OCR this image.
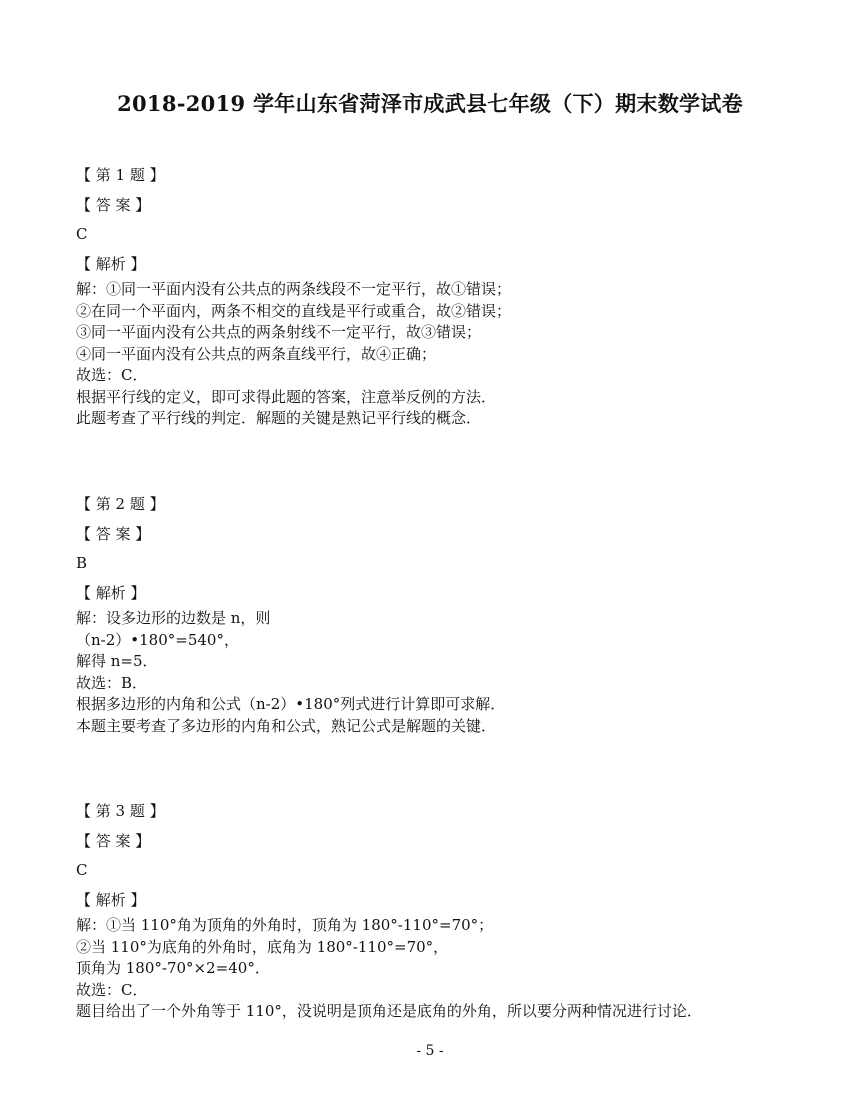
2018-2019 学年山东省菏泽市成武县七年级（下）期末数学试卷
【 第 1 题 】
【 答 案 】
C
【 解析 】
解：①同一平面内没有公共点的两条线段不一定平行，故①错误；
②在同一个平面内，两条不相交的直线是平行或重合，故②错误；
③同一平面内没有公共点的两条射线不一定平行，故③错误；
④同一平面内没有公共点的两条直线平行，故④正确；
故选：C．
根据平行线的定义，即可求得此题的答案，注意举反例的方法．
此题考查了平行线的判定．解题的关键是熟记平行线的概念．
【 第 2 题 】
【 答 案 】
B
【 解析 】
解：设多边形的边数是 n，则
（n-2）•180°=540°，
解得 n=5．
故选：B．
根据多边形的内角和公式（n-2）•180°列式进行计算即可求解．
本题主要考查了多边形的内角和公式，熟记公式是解题的关键．
【 第 3 题 】
【 答 案 】
C
【 解析 】
解：①当 110°角为顶角的外角时，顶角为 180°-110°=70°；
②当 110°为底角的外角时，底角为 180°-110°=70°，
顶角为 180°-70°×2=40°．
故选：C．
题目给出了一个外角等于 110°，没说明是顶角还是底角的外角，所以要分两种情况进行讨论．
- 5 -
